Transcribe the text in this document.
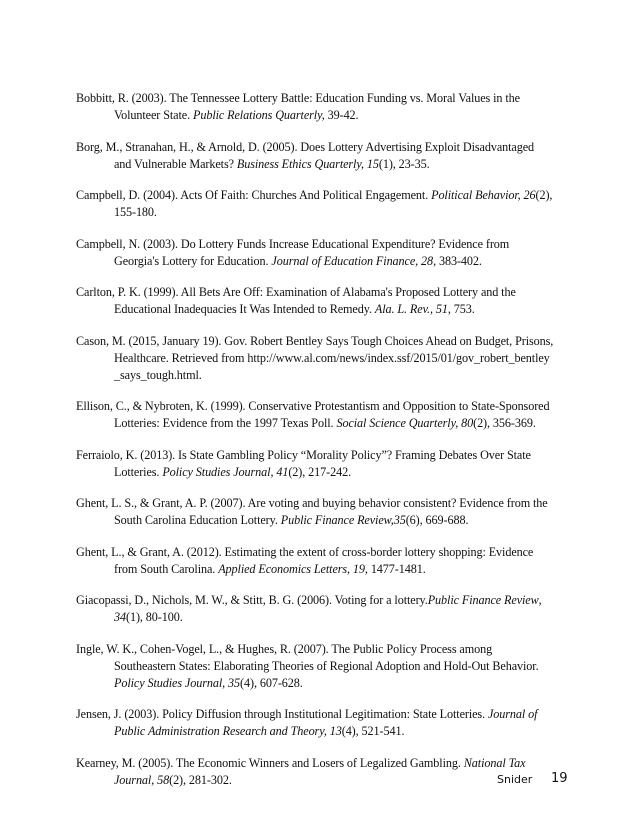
Bobbitt, R. (2003). The Tennessee Lottery Battle: Education Funding vs. Moral Values in the Volunteer State. Public Relations Quarterly, 39-42.

Borg, M., Stranahan, H., & Arnold, D. (2005). Does Lottery Advertising Exploit Disadvantaged and Vulnerable Markets? Business Ethics Quarterly, 15(1), 23-35.

Campbell, D. (2004). Acts Of Faith: Churches And Political Engagement. Political Behavior, 26(2), 155-180.

Campbell, N. (2003). Do Lottery Funds Increase Educational Expenditure? Evidence from Georgia's Lottery for Education. Journal of Education Finance, 28, 383-402.

Carlton, P. K. (1999). All Bets Are Off: Examination of Alabama's Proposed Lottery and the Educational Inadequacies It Was Intended to Remedy. Ala. L. Rev., 51, 753.

Cason, M. (2015, January 19). Gov. Robert Bentley Says Tough Choices Ahead on Budget, Prisons, Healthcare. Retrieved from http://www.al.com/news/index.ssf/2015/01/gov_robert_bentley_says_tough.html.

Ellison, C., & Nybroten, K. (1999). Conservative Protestantism and Opposition to State-Sponsored Lotteries: Evidence from the 1997 Texas Poll. Social Science Quarterly, 80(2), 356-369.

Ferraiolo, K. (2013). Is State Gambling Policy “Morality Policy”? Framing Debates Over State Lotteries. Policy Studies Journal, 41(2), 217-242.

Ghent, L. S., & Grant, A. P. (2007). Are voting and buying behavior consistent? Evidence from the South Carolina Education Lottery. Public Finance Review,35(6), 669-688.

Ghent, L., & Grant, A. (2012). Estimating the extent of cross-border lottery shopping: Evidence from South Carolina. Applied Economics Letters, 19, 1477-1481.

Giacopassi, D., Nichols, M. W., & Stitt, B. G. (2006). Voting for a lottery.Public Finance Review, 34(1), 80-100.

Ingle, W. K., Cohen-Vogel, L., & Hughes, R. (2007). The Public Policy Process among Southeastern States: Elaborating Theories of Regional Adoption and Hold-Out Behavior. Policy Studies Journal, 35(4), 607-628.

Jensen, J. (2003). Policy Diffusion through Institutional Legitimation: State Lotteries. Journal of Public Administration Research and Theory, 13(4), 521-541.

Kearney, M. (2005). The Economic Winners and Losers of Legalized Gambling. National Tax Journal, 58(2), 281-302.	Snider 19
